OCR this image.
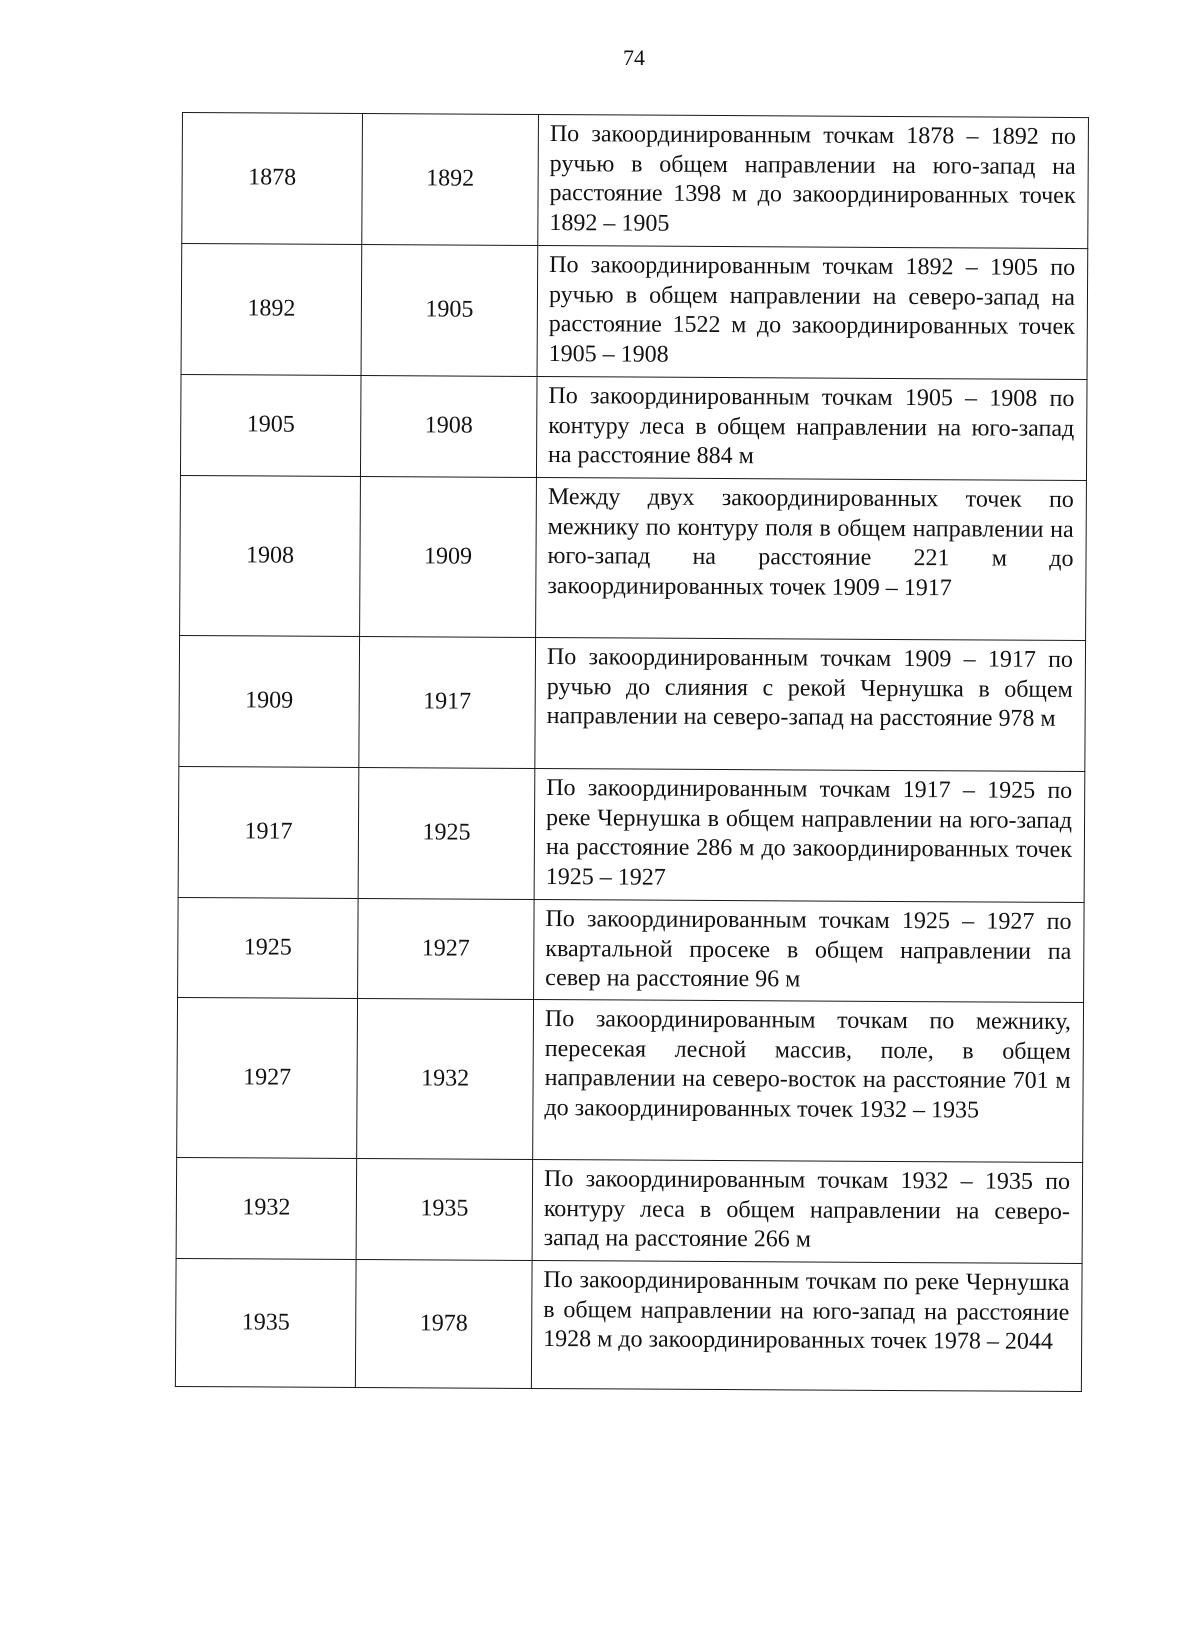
74
1878	1892	По закоординированным точкам 1878 – 1892 по ручью в общем направлении на юго-запад на расстояние 1398 м до закоординированных точек 1892 – 1905
1892	1905	По закоординированным точкам 1892 – 1905 по ручью в общем направлении на северо-запад на расстояние 1522 м до закоординированных точек 1905 – 1908
1905	1908	По закоординированным точкам 1905 – 1908 по контуру леса в общем направлении на юго-запад на расстояние 884 м
1908	1909	Между двух закоординированных точек по межнику по контуру поля в общем направлении на юго-запад на расстояние 221 м до закоординированных точек 1909 – 1917
1909	1917	По закоординированным точкам 1909 – 1917 по ручью до слияния с рекой Чернушка в общем направлении на северо-запад на расстояние 978 м
1917	1925	По закоординированным точкам 1917 – 1925 по реке Чернушка в общем направлении на юго-запад на расстояние 286 м до закоординированных точек 1925 – 1927
1925	1927	По закоординированным точкам 1925 – 1927 по квартальной просеке в общем направлении па север на расстояние 96 м
1927	1932	По закоординированным точкам по межнику, пересекая лесной массив, поле, в общем направлении на северо-восток на расстояние 701 м до закоординированных точек 1932 – 1935
1932	1935	По закоординированным точкам 1932 – 1935 по контуру леса в общем направлении на северо-запад на расстояние 266 м
1935	1978	По закоординированным точкам по реке Чернушка в общем направлении на юго-запад на расстояние 1928 м до закоординированных точек 1978 – 2044
